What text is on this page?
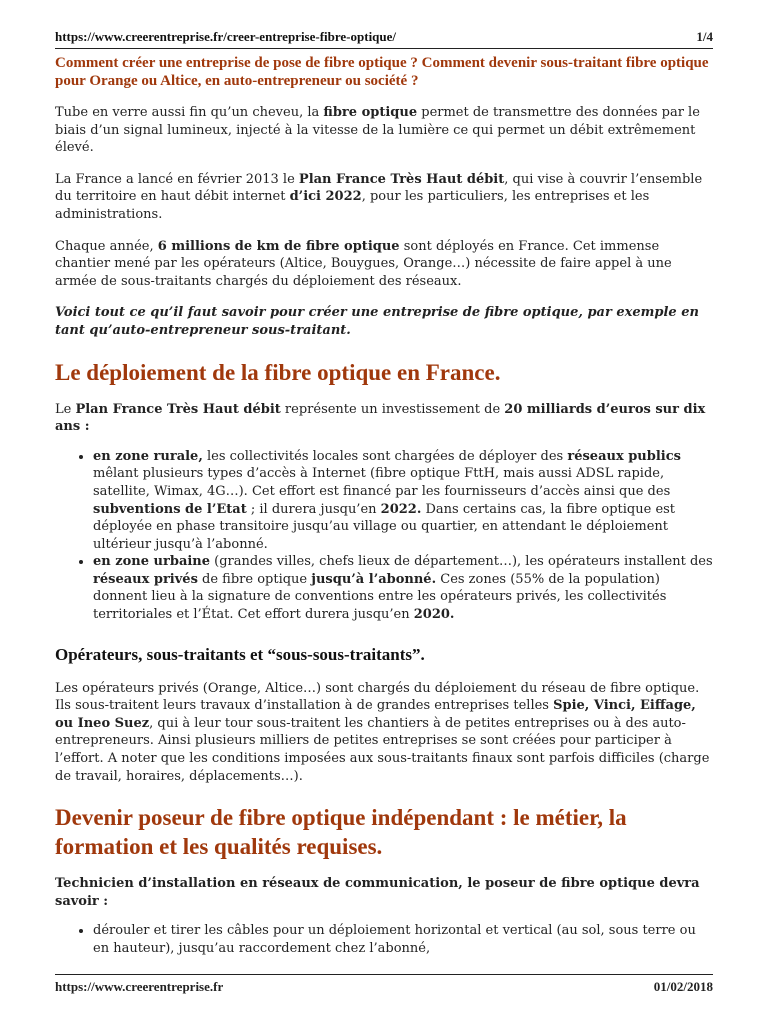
https://www.creerentreprise.fr/creer-entreprise-fibre-optique/	1/4

Comment créer une entreprise de pose de fibre optique ? Comment devenir sous-traitant fibre optique pour Orange ou Altice, en auto-entrepreneur ou société ?

Tube en verre aussi fin qu’un cheveu, la fibre optique permet de transmettre des données par le biais d’un signal lumineux, injecté à la vitesse de la lumière ce qui permet un débit extrêmement élevé.

La France a lancé en février 2013 le Plan France Très Haut débit, qui vise à couvrir l’ensemble du territoire en haut débit internet d’ici 2022, pour les particuliers, les entreprises et les administrations.

Chaque année, 6 millions de km de fibre optique sont déployés en France. Cet immense chantier mené par les opérateurs (Altice, Bouygues, Orange…) nécessite de faire appel à une armée de sous-traitants chargés du déploiement des réseaux.

Voici tout ce qu’il faut savoir pour créer une entreprise de fibre optique, par exemple en tant qu’auto-entrepreneur sous-traitant.

Le déploiement de la fibre optique en France.

Le Plan France Très Haut débit représente un investissement de 20 milliards d’euros sur dix ans :

• en zone rurale, les collectivités locales sont chargées de déployer des réseaux publics mêlant plusieurs types d’accès à Internet (fibre optique FttH, mais aussi ADSL rapide, satellite, Wimax, 4G…). Cet effort est financé par les fournisseurs d’accès ainsi que des subventions de l’Etat ; il durera jusqu’en 2022. Dans certains cas, la fibre optique est déployée en phase transitoire jusqu’au village ou quartier, en attendant le déploiement ultérieur jusqu’à l’abonné.
• en zone urbaine (grandes villes, chefs lieux de département…), les opérateurs installent des réseaux privés de fibre optique jusqu’à l’abonné. Ces zones (55% de la population) donnent lieu à la signature de conventions entre les opérateurs privés, les collectivités territoriales et l’État. Cet effort durera jusqu’en 2020.
Opérateurs, sous-traitants et “sous-sous-traitants”.

Les opérateurs privés (Orange, Altice…) sont chargés du déploiement du réseau de fibre optique. Ils sous-traitent leurs travaux d’installation à de grandes entreprises telles Spie, Vinci, Eiffage, ou Ineo Suez, qui à leur tour sous-traitent les chantiers à de petites entreprises ou à des auto-entrepreneurs. Ainsi plusieurs milliers de petites entreprises se sont créées pour participer à l’effort. A noter que les conditions imposées aux sous-traitants finaux sont parfois difficiles (charge de travail, horaires, déplacements…).

Devenir poseur de fibre optique indépendant : le métier, la formation et les qualités requises.

Technicien d’installation en réseaux de communication, le poseur de fibre optique devra savoir :

• dérouler et tirer les câbles pour un déploiement horizontal et vertical (au sol, sous terre ou en hauteur), jusqu’au raccordement chez l’abonné,
https://www.creerentreprise.fr	01/02/2018
